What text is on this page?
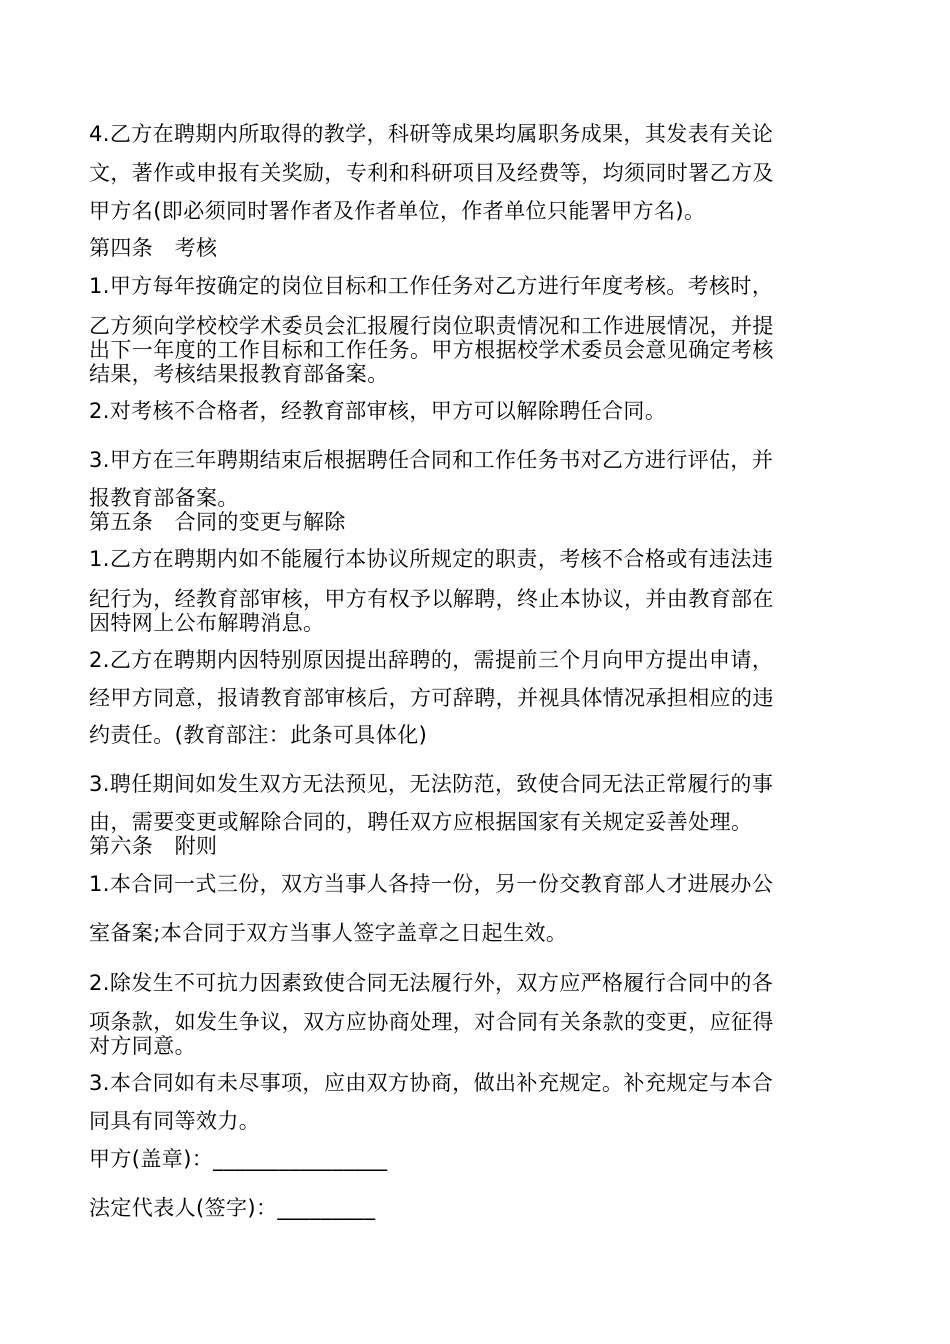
4.乙方在聘期内所取得的教学，科研等成果均属职务成果，其发表有关论
文，著作或申报有关奖励，专利和科研项目及经费等，均须同时署乙方及
甲方名(即必须同时署作者及作者单位，作者单位只能署甲方名)。
第四条　考核
1.甲方每年按确定的岗位目标和工作任务对乙方进行年度考核。考核时，
乙方须向学校校学术委员会汇报履行岗位职责情况和工作进展情况，并提
出下一年度的工作目标和工作任务。甲方根据校学术委员会意见确定考核
结果，考核结果报教育部备案。
2.对考核不合格者，经教育部审核，甲方可以解除聘任合同。
3.甲方在三年聘期结束后根据聘任合同和工作任务书对乙方进行评估，并
报教育部备案。
第五条　合同的变更与解除
1.乙方在聘期内如不能履行本协议所规定的职责，考核不合格或有违法违
纪行为，经教育部审核，甲方有权予以解聘，终止本协议，并由教育部在
因特网上公布解聘消息。
2.乙方在聘期内因特别原因提出辞聘的，需提前三个月向甲方提出申请，
经甲方同意，报请教育部审核后，方可辞聘，并视具体情况承担相应的违
约责任。(教育部注：此条可具体化)
3.聘任期间如发生双方无法预见，无法防范，致使合同无法正常履行的事
由，需要变更或解除合同的，聘任双方应根据国家有关规定妥善处理。
第六条　附则
1.本合同一式三份，双方当事人各持一份，另一份交教育部人才进展办公
室备案;本合同于双方当事人签字盖章之日起生效。
2.除发生不可抗力因素致使合同无法履行外，双方应严格履行合同中的各
项条款，如发生争议，双方应协商处理，对合同有关条款的变更，应征得
对方同意。
3.本合同如有未尽事项，应由双方协商，做出补充规定。补充规定与本合
同具有同等效力。
甲方(盖章)：________________
法定代表人(签字)：_________
